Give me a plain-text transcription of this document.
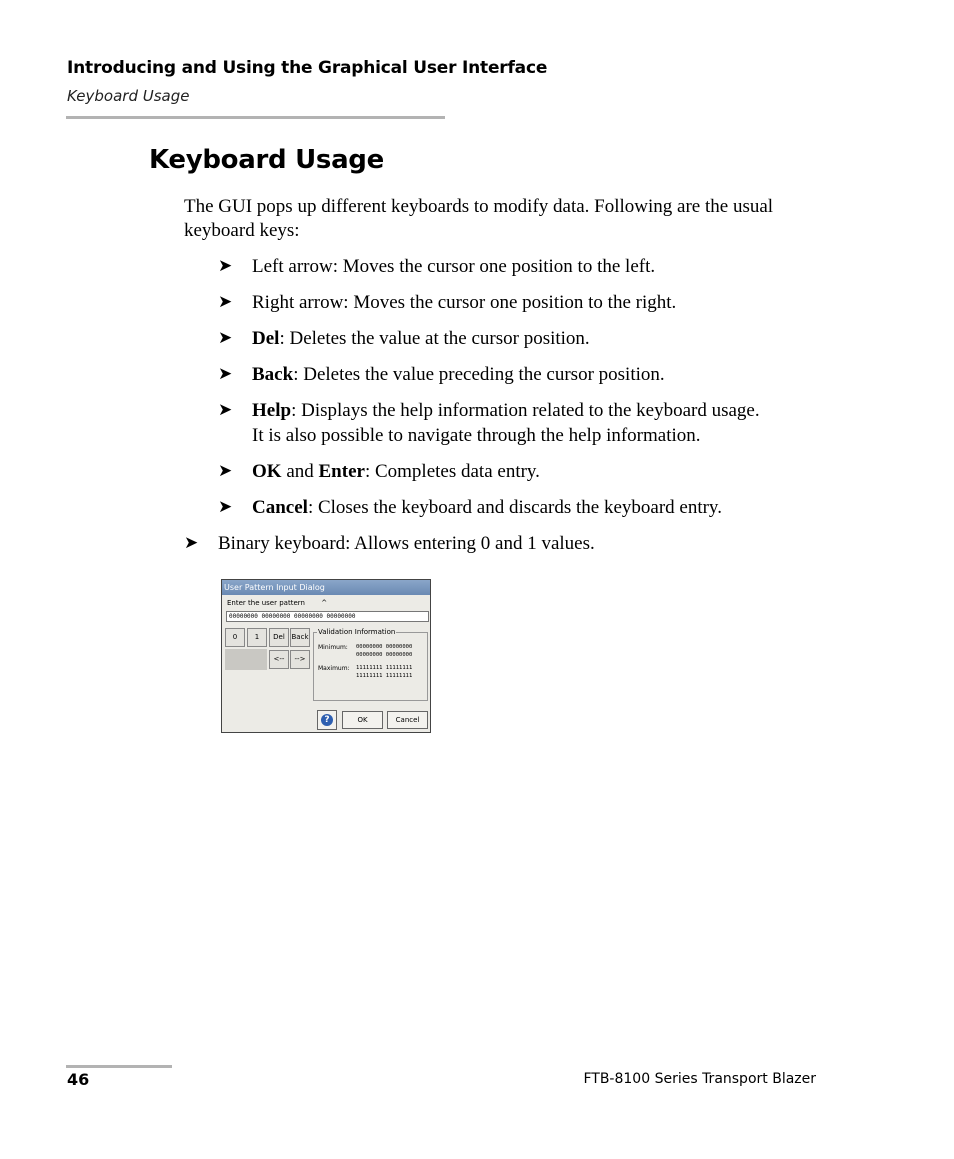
Introducing and Using the Graphical User Interface
Keyboard Usage
Keyboard Usage
The GUI pops up different keyboards to modify data. Following are the usual keyboard keys:
➤ Left arrow: Moves the cursor one position to the left.
➤ Right arrow: Moves the cursor one position to the right.
➤ Del: Deletes the value at the cursor position.
➤ Back: Deletes the value preceding the cursor position.
➤ Help: Displays the help information related to the keyboard usage.
It is also possible to navigate through the help information.
➤ OK and Enter: Completes data entry.
➤ Cancel: Closes the keyboard and discards the keyboard entry.
➤ Binary keyboard: Allows entering 0 and 1 values.
User Pattern Input Dialog
Enter the user pattern ^
00000000 00000000 00000000 00000000
0	1	Del Back
<--	-->
Validation Information
Minimum: 00000000 00000000
00000000 00000000
Maximum: 11111111 11111111
11111111 11111111
?	OK	Cancel
46	FTB-8100 Series Transport Blazer
